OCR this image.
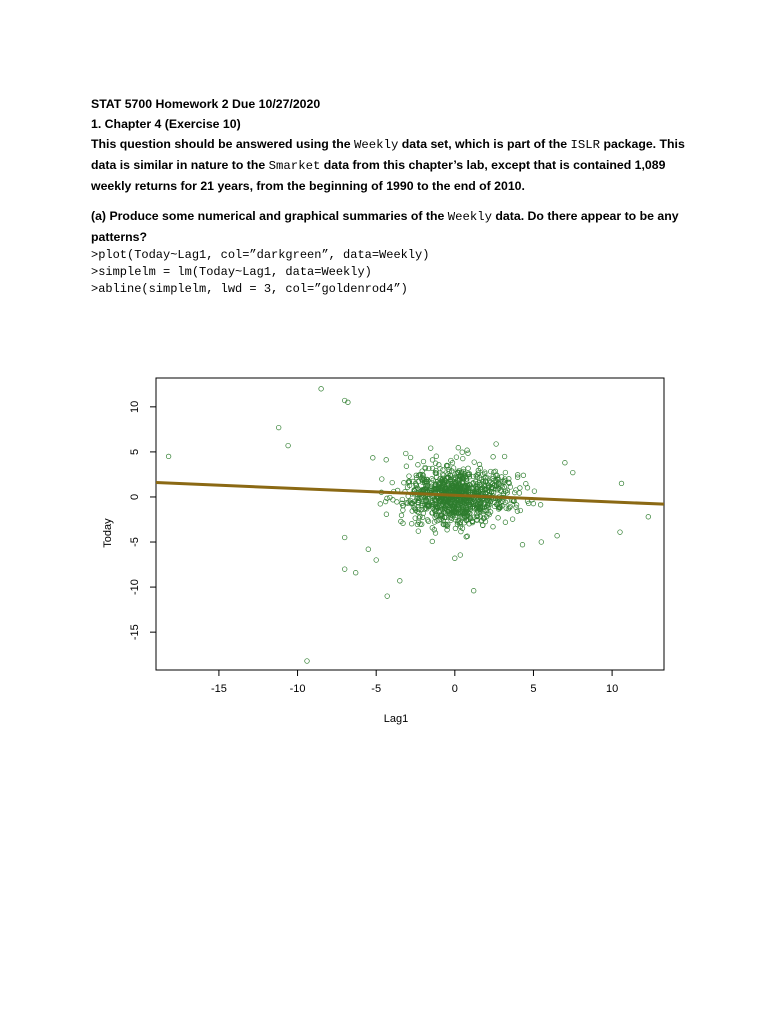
STAT 5700 Homework 2 Due 10/27/2020
1. Chapter 4 (Exercise 10)
This question should be answered using the Weekly data set, which is part of the ISLR package. This
data is similar in nature to the Smarket data from this chapter’s lab, except that is contained 1,089
weekly returns for 21 years, from the beginning of 1990 to the end of 2010.
(a) Produce some numerical and graphical summaries of the Weekly data. Do there appear to be any
patterns?
>plot(Today~Lag1, col=”darkgreen”, data=Weekly)
>simplelm = lm(Today~Lag1, data=Weekly)
>abline(simplelm, lwd = 3, col=”goldenrod4”)
-15	-10	-5	0	5	10
10
5
0
-5
-10
-15
Lag1
Today
